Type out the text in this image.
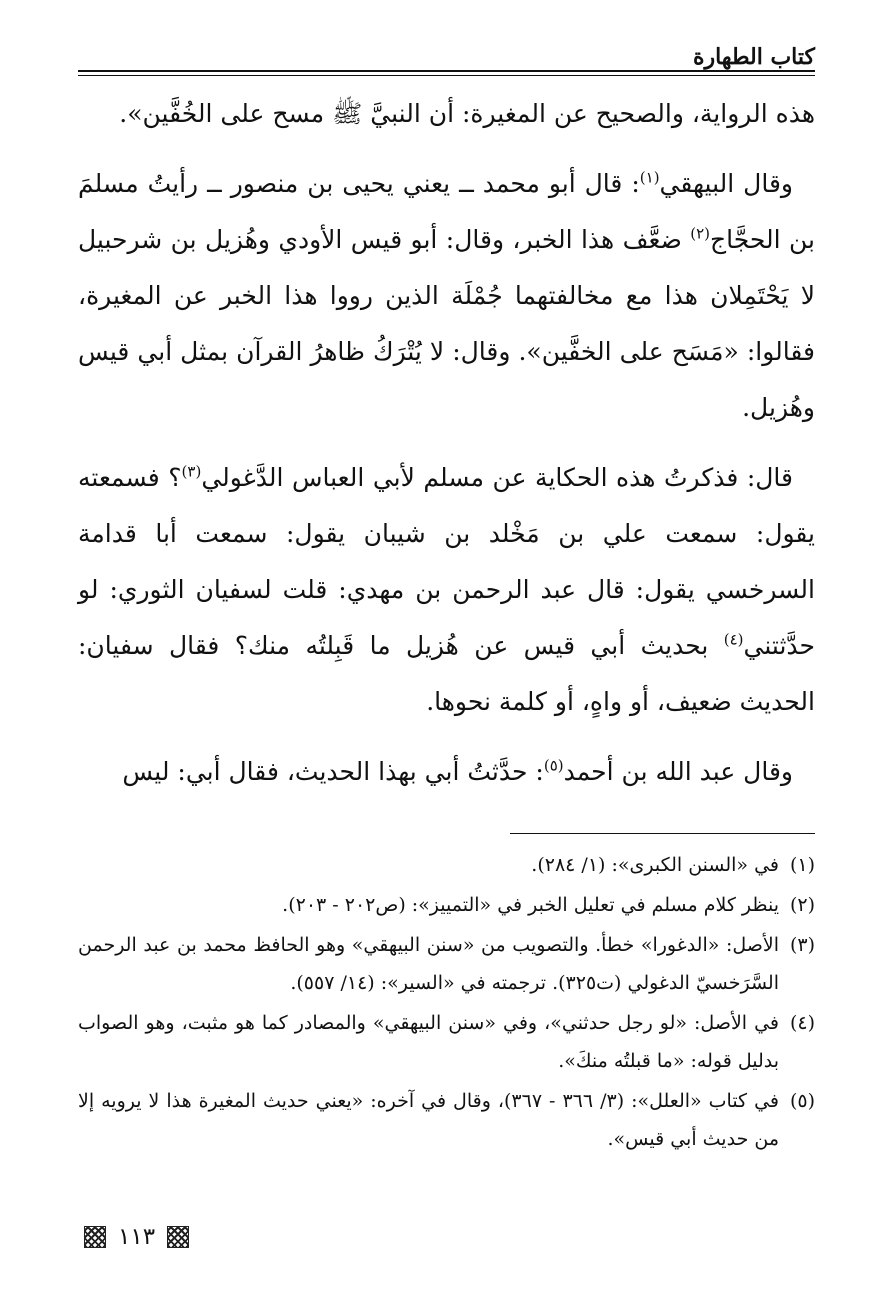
كتاب الطهارة

هذه الرواية، والصحيح عن المغيرة: أن النبيَّ ﷺ مسح على الخُفَّين».

وقال البيهقي$^{(١)}$: قال أبو محمد ــ يعني يحيى بن منصور ــ رأيتُ مسلمَ بن الحجَّاج$^{(٢)}$ ضعَّف هذا الخبر، وقال: أبو قيس الأودي وهُزيل بن شرحبيل لا يَحْتَمِلان هذا مع مخالفتهما جُمْلَة الذين رووا هذا الخبر عن المغيرة، فقالوا: «مَسَح على الخفَّين». وقال: لا يُتْرَكُ ظاهرُ القرآن بمثل أبي قيس وهُزيل.

قال: فذكرتُ هذه الحكاية عن مسلم لأبي العباس الدَّغولي$^{(٣)}$؟ فسمعته يقول: سمعت علي بن مَخْلد بن شيبان يقول: سمعت أبا قدامة السرخسي يقول: قال عبد الرحمن بن مهدي: قلت لسفيان الثوري: لو حدَّثتني$^{(٤)}$ بحديث أبي قيس عن هُزيل ما قَبِلتُه منك؟ فقال سفيان: الحديث ضعيف، أو واهٍ، أو كلمة نحوها.

وقال عبد الله بن أحمد$^{(٥)}$: حدَّثتُ أبي بهذا الحديث، فقال أبي: ليس

(١)
في «السنن الكبرى»: (١/ ٢٨٤).
(٢)
ينظر كلام مسلم في تعليل الخبر في «التمييز»: (ص٢٠٢ - ٢٠٣).
(٣)
الأصل: «الدغورا» خطأ. والتصويب من «سنن البيهقي» وهو الحافظ محمد بن عبد الرحمن السَّرَخسيّ الدغولي (ت٣٢٥). ترجمته في «السير»: (١٤/ ٥٥٧).
(٤)
في الأصل: «لو رجل حدثني»، وفي «سنن البيهقي» والمصادر كما هو مثبت، وهو الصواب بدليل قوله: «ما قبلتُه منكَ».
(٥)
في كتاب «العلل»: (٣/ ٣٦٦ - ٣٦٧)، وقال في آخره: «يعني حديث المغيرة هذا لا يرويه إلا من حديث أبي قيس».
١١٣
